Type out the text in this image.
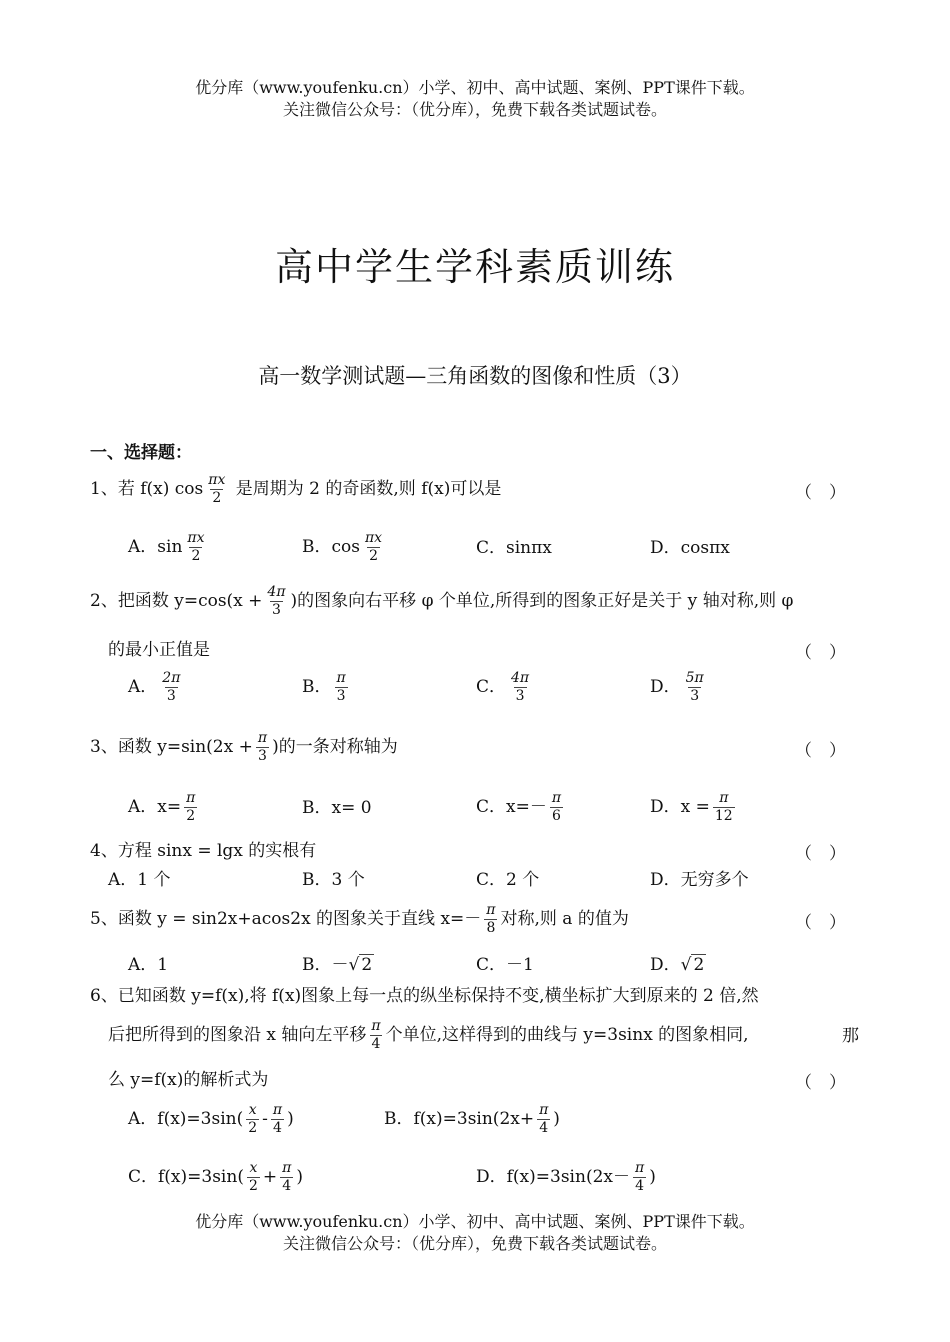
优分库（www.youfenku.cn）小学、初中、高中试题、案例、PPT课件下载。
关注微信公众号：（优分库），免费下载各类试题试卷。
高中学生学科素质训练
高一数学测试题—三角函数的图像和性质（3）
一、选择题：
1、若 f(x) $\cos \frac{\pi x}{2}$ 是周期为 2 的奇函数,则 f(x)可以是	（　）
A．$\sin \frac{\pi x}{2}$	B．$\cos \frac{\pi x}{2}$	C．sinπx	D．cosπx
2、把函数 $y=\cos(x + \frac{4\pi}{3}$ )的图象向右平移 φ 个单位,所得到的图象正好是关于 y 轴对称,则 φ
的最小正值是	（　）
A． $\frac{2\pi}{3}$	B． $\frac{\pi}{3}$	C． $\frac{4\pi}{3}$	D． $\frac{5\pi}{3}$
3、函数 $y=\sin(2x + \frac{\pi}{3}$ )的一条对称轴为	（　）
A．$x= \frac{\pi}{2}$	B．x= 0	C．$x=- \frac{\pi}{6}$	D．$x = \frac{\pi}{12}$
4、方程 sinx = lgx 的实根有	（　）
A．1 个	B．3 个	C．2 个	D．无穷多个
5、函数 y = sin2x+acos2x 的图象关于直线 $x=- \frac{\pi}{8}$ 对称,则 a 的值为	（　）
A．1	B．－√ 2	C．－1	D．√ 2
6、已知函数 y=f(x),将 f(x)图象上每一点的纵坐标保持不变,横坐标扩大到原来的 2 倍,然
后把所得到的图象沿 x 轴向左平移 $\frac{\pi}{4}$ 个单位,这样得到的曲线与 y=3sinx 的图象相同,	那
么 y=f(x)的解析式为	（　）
A．$f(x)=3\sin( \frac{x}{2} - \frac{\pi}{4}$ )	B．$f(x)=3\sin(2x+ \frac{\pi}{4}$ )
C．$f(x)=3\sin( \frac{x}{2} + \frac{\pi}{4}$ )	D．$f(x)=3\sin(2x- \frac{\pi}{4}$ )
优分库（www.youfenku.cn）小学、初中、高中试题、案例、PPT课件下载。
关注微信公众号：（优分库），免费下载各类试题试卷。
